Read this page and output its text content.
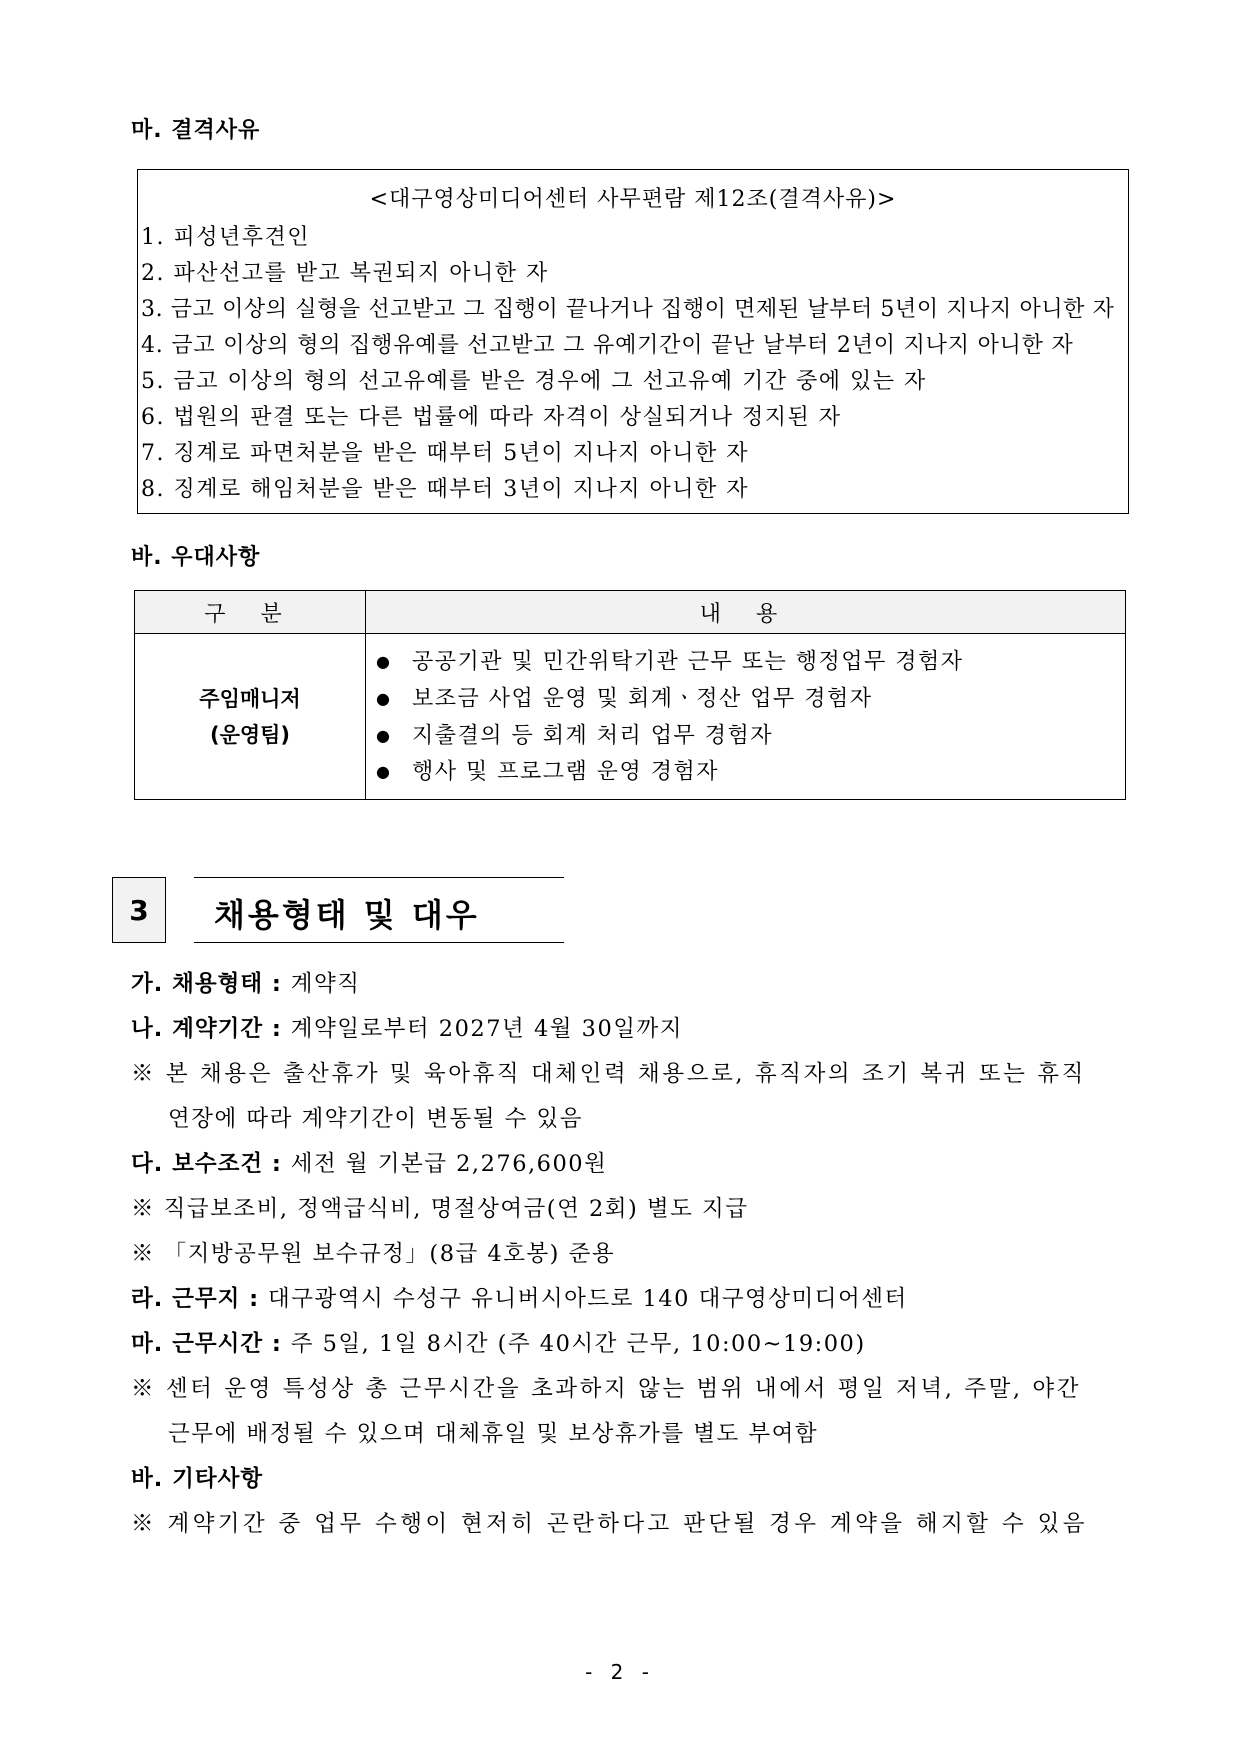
마. 결격사유
<대구영상미디어센터 사무편람 제12조(결격사유)>
1. 피성년후견인
2. 파산선고를 받고 복권되지 아니한 자
3. 금고 이상의 실형을 선고받고 그 집행이 끝나거나 집행이 면제된 날부터 5년이 지나지 아니한 자
4. 금고 이상의 형의 집행유예를 선고받고 그 유예기간이 끝난 날부터 2년이 지나지 아니한 자
5. 금고 이상의 형의 선고유예를 받은 경우에 그 선고유예 기간 중에 있는 자
6. 법원의 판결 또는 다른 법률에 따라 자격이 상실되거나 정지된 자
7. 징계로 파면처분을 받은 때부터 5년이 지나지 아니한 자
8. 징계로 해임처분을 받은 때부터 3년이 지나지 아니한 자
바. 우대사항
구 분	내 용

주임매니저
(운영팀)

● 공공기관 및 민간위탁기관 근무 또는 행정업무 경험자
● 보조금 사업 운영 및 회계ㆍ정산 업무 경험자
● 지출결의 등 회계 처리 업무 경험자
● 행사 및 프로그램 운영 경험자
3	채용형태 및 대우
가. 채용형태 : 계약직
나. 계약기간 : 계약일로부터 2027년 4월 30일까지
※ 본 채용은 출산휴가 및 육아휴직 대체인력 채용으로, 휴직자의 조기 복귀 또는 휴직
연장에 따라 계약기간이 변동될 수 있음
다. 보수조건 : 세전 월 기본급 2,276,600원
※ 직급보조비, 정액급식비, 명절상여금(연 2회) 별도 지급
※ 「지방공무원 보수규정」(8급 4호봉) 준용
라. 근무지 : 대구광역시 수성구 유니버시아드로 140 대구영상미디어센터
마. 근무시간 : 주 5일, 1일 8시간 (주 40시간 근무, 10:00~19:00)
※ 센터 운영 특성상 총 근무시간을 초과하지 않는 범위 내에서 평일 저녁, 주말, 야간
근무에 배정될 수 있으며 대체휴일 및 보상휴가를 별도 부여함
바. 기타사항
※ 계약기간 중 업무 수행이 현저히 곤란하다고 판단될 경우 계약을 해지할 수 있음
- 2 -
